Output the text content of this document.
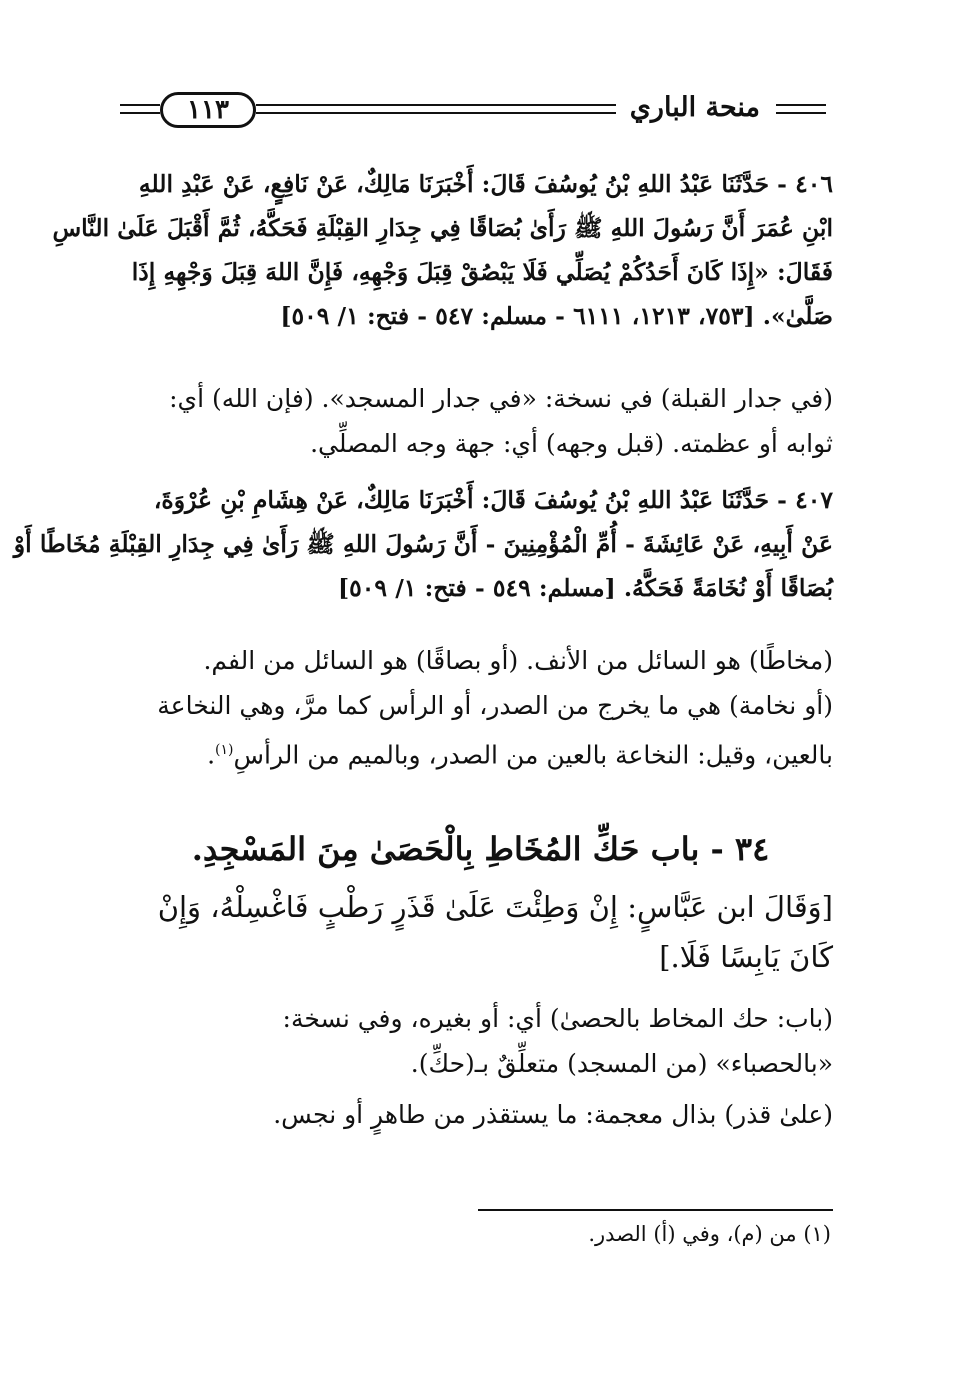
١١٣	منحة الباري
٤٠٦ - حَدَّثَنَا عَبْدُ اللهِ بْنُ يُوسُفَ قَالَ: أَخْبَرَنَا مَالِكٌ، عَنْ نَافِعٍ، عَنْ عَبْدِ اللهِ
ابْنِ عُمَرَ أَنَّ رَسُولَ اللهِ ﷺ رَأَىٰ بُصَاقًا فِي جِدَارِ القِبْلَةِ فَحَكَّهُ، ثُمَّ أَقْبَلَ عَلَىٰ النَّاسِ
فَقَالَ: «إِذَا كَانَ أَحَدُكُمْ يُصَلِّي فَلَا يَبْصُقْ قِبَلَ وَجْهِهِ، فَإِنَّ اللهَ قِبَلَ وَجْهِهِ إِذَا
صَلَّىٰ». [٧٥٣، ١٢١٣، ٦١١١ - مسلم: ٥٤٧ - فتح: ١/ ٥٠٩]
(في جدار القبلة) في نسخة: «في جدار المسجد». (فإن الله) أي:
ثوابه أو عظمته. (قبل وجهه) أي: جهة وجه المصلِّي.
٤٠٧ - حَدَّثَنَا عَبْدُ اللهِ بْنُ يُوسُفَ قَالَ: أَخْبَرَنَا مَالِكٌ، عَنْ هِشَامِ بْنِ عُرْوَةَ،
عَنْ أَبِيهِ، عَنْ عَائِشَةَ - أُمِّ الْمُؤْمِنِينَ - أَنَّ رَسُولَ اللهِ ﷺ رَأَىٰ فِي جِدَارِ القِبْلَةِ مُخَاطًا أَوْ
بُصَاقًا أَوْ نُخَامَةً فَحَكَّهُ. [مسلم: ٥٤٩ - فتح: ١/ ٥٠٩]
(مخاطًا) هو السائل من الأنف. (أو بصاقًا) هو السائل من الفم.
(أو نخامة) هي ما يخرج من الصدر، أو الرأس كما مرَّ، وهي النخاعة
بالعين، وقيل: النخاعة بالعين من الصدر، وبالميم من الرأسِ$^{(١)}$.
٣٤ - باب حَكِّ المُخَاطِ بِالْحَصَىٰ مِنَ المَسْجِدِ.
[وَقَالَ ابن عَبَّاسٍ: إِنْ وَطِئْتَ عَلَىٰ قَذَرٍ رَطْبٍ فَاغْسِلْهُ، وَإِنْ
كَانَ يَابِسًا فَلَا.]
(باب: حك المخاط بالحصىٰ) أي: أو بغيره، وفي نسخة:
«بالحصباء» (من المسجد) متعلِّقٌ بـ(حكِّ).
(علىٰ قذر) بذال معجمة: ما يستقذر من طاهرٍ أو نجس.
(١) من (م)، وفي (أ) الصدر.
